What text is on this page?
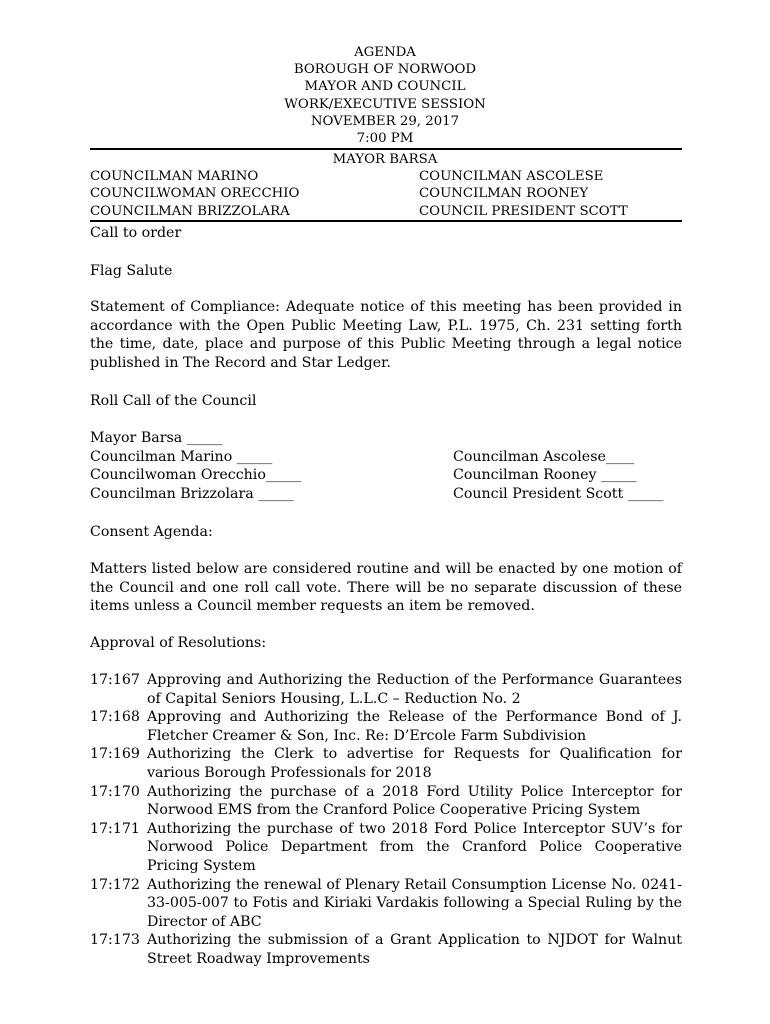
AGENDA
BOROUGH OF NORWOOD
MAYOR AND COUNCIL
WORK/EXECUTIVE SESSION
NOVEMBER 29, 2017
7:00 PM
MAYOR BARSA
COUNCILMAN MARINO
COUNCILWOMAN ORECCHIO
COUNCILMAN BRIZZOLARA
COUNCILMAN ASCOLESE
COUNCILMAN ROONEY
COUNCIL PRESIDENT SCOTT
Call to order
Flag Salute
Statement of Compliance: Adequate notice of this meeting has been provided in accordance with the Open Public Meeting Law, P.L. 1975, Ch. 231 setting forth the time, date, place and purpose of this Public Meeting through a legal notice published in The Record and Star Ledger.
Roll Call of the Council
Mayor Barsa _____
Councilman Marino _____
Councilwoman Orecchio_____
Councilman Brizzolara _____
Councilman Ascolese____
Councilman Rooney _____
Council President Scott _____
Consent Agenda:
Matters listed below are considered routine and will be enacted by one motion of the Council and one roll call vote. There will be no separate discussion of these items unless a Council member requests an item be removed.
Approval of Resolutions:
17:167 Approving and Authorizing the Reduction of the Performance Guarantees of Capital Seniors Housing, L.L.C – Reduction No. 2
17:168 Approving and Authorizing the Release of the Performance Bond of J. Fletcher Creamer & Son, Inc. Re: D’Ercole Farm Subdivision
17:169 Authorizing the Clerk to advertise for Requests for Qualification for various Borough Professionals for 2018
17:170 Authorizing the purchase of a 2018 Ford Utility Police Interceptor for Norwood EMS from the Cranford Police Cooperative Pricing System
17:171 Authorizing the purchase of two 2018 Ford Police Interceptor SUV’s for Norwood Police Department from the Cranford Police Cooperative Pricing System
17:172 Authorizing the renewal of Plenary Retail Consumption License No. 0241-33-005-007 to Fotis and Kiriaki Vardakis following a Special Ruling by the Director of ABC
17:173 Authorizing the submission of a Grant Application to NJDOT for Walnut Street Roadway Improvements
